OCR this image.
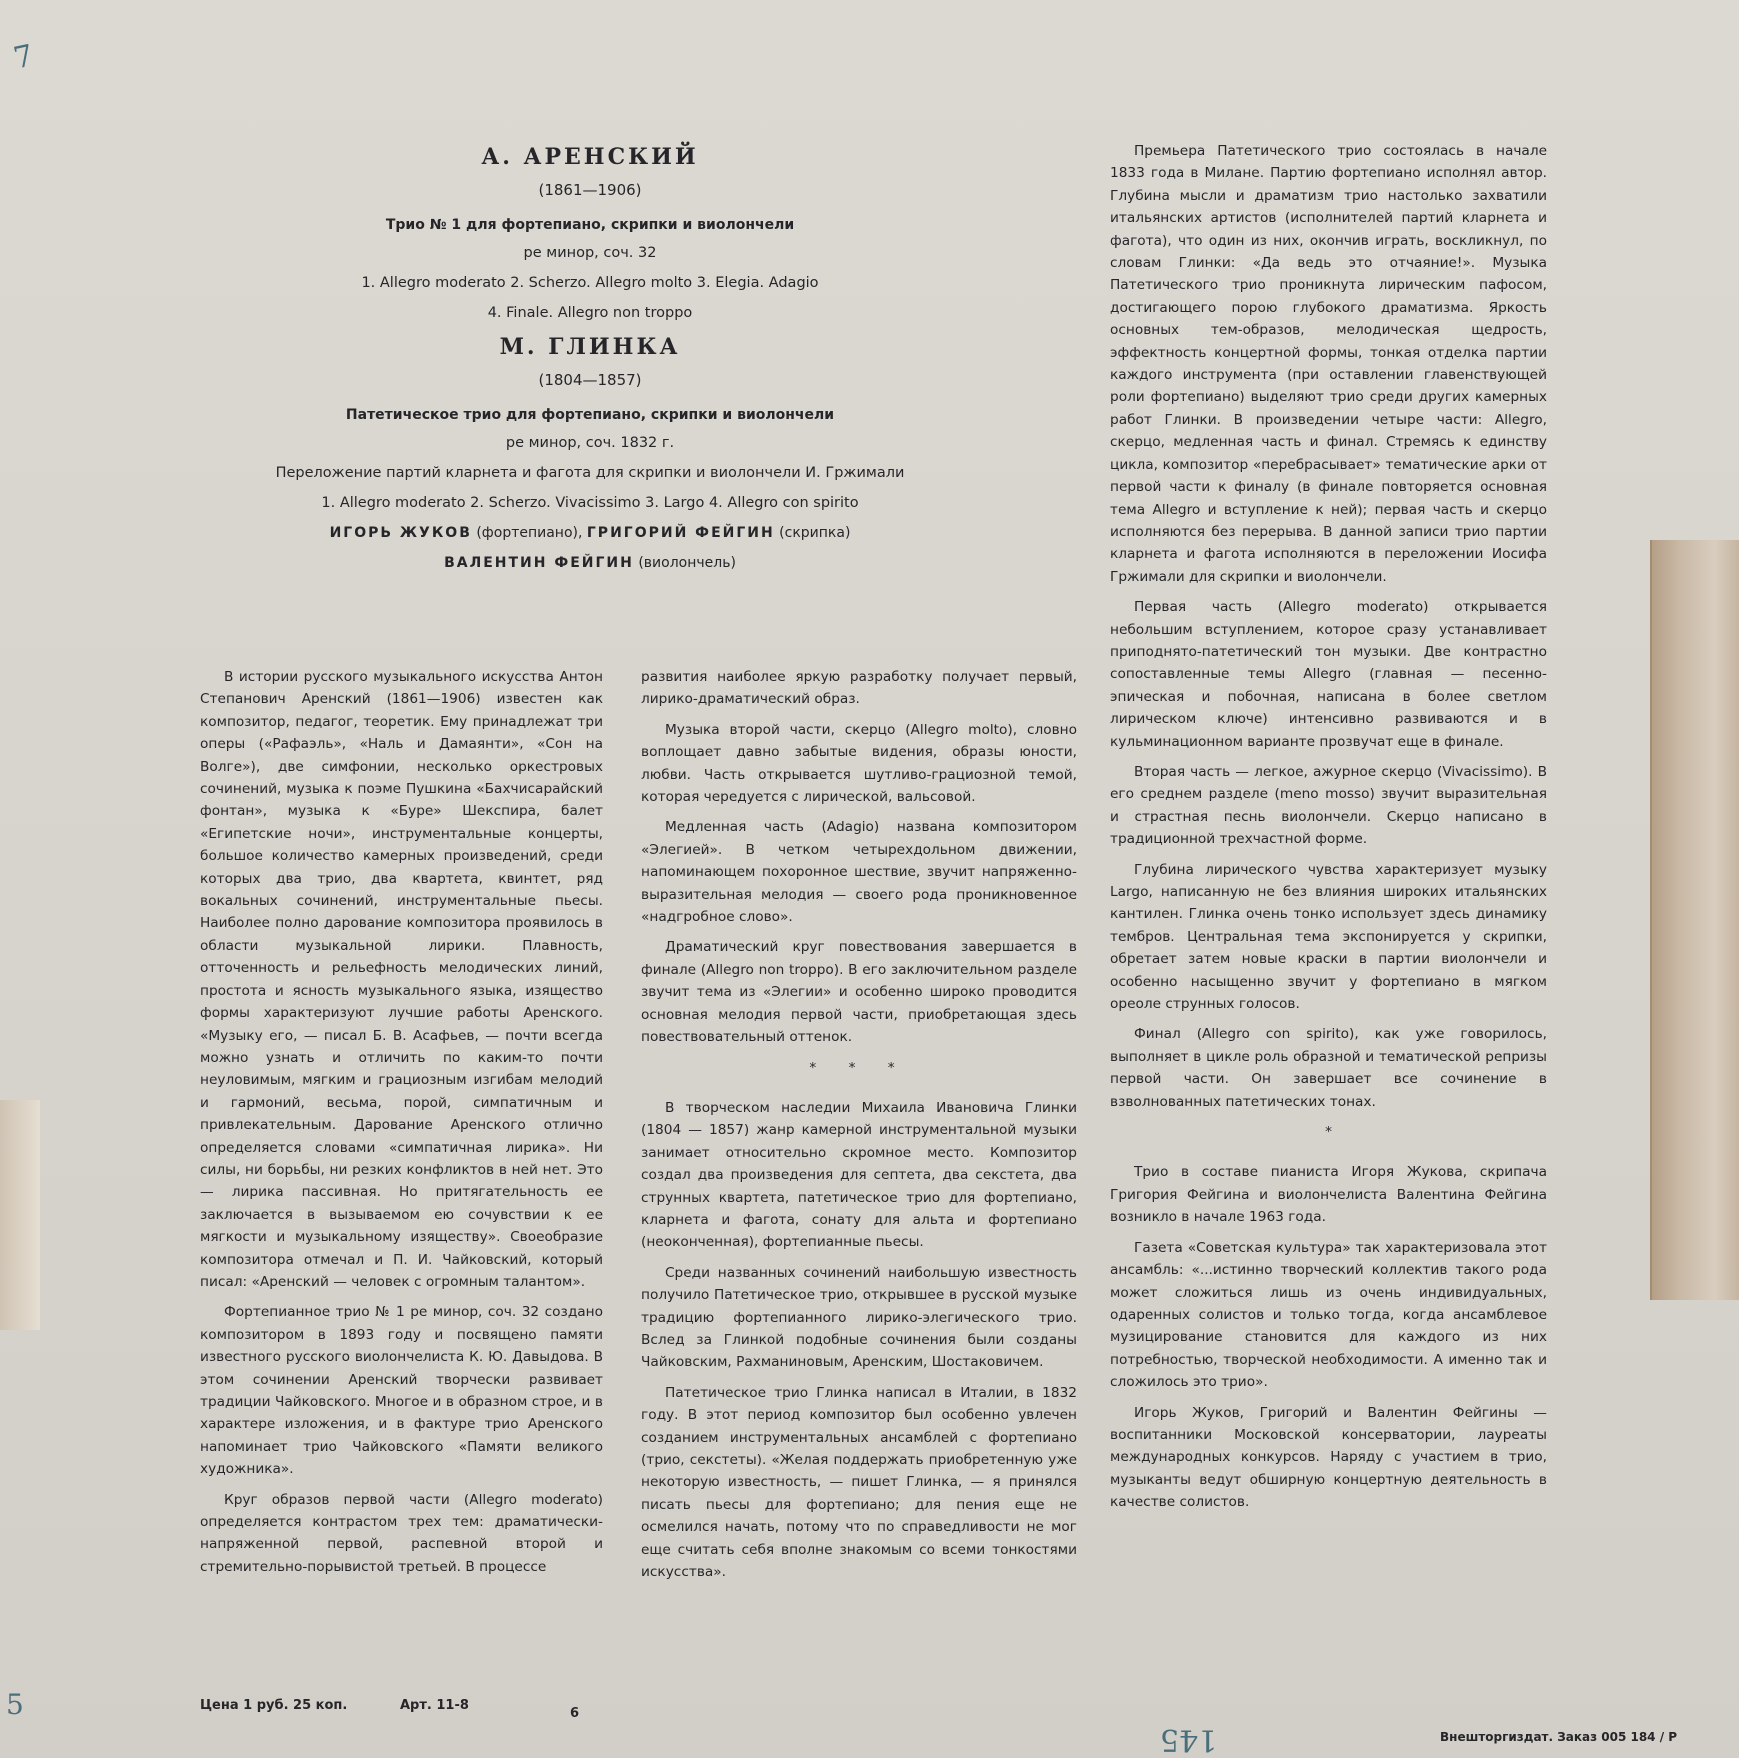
7
5
145
А. АРЕНСКИЙ
(1861—1906)
Трио № 1 для фортепиано, скрипки и виолончели
ре минор, соч. 32
1. Allegro moderato 2. Scherzo. Allegro molto 3. Elegia. Adagio
4. Finale. Allegro non troppo
М. ГЛИНКА
(1804—1857)
Патетическое трио для фортепиано, скрипки и виолончели
ре минор, соч. 1832 г.
Переложение партий кларнета и фагота для скрипки и виолончели И. Гржимали
1. Allegro moderato 2. Scherzo. Vivacissimo 3. Largo 4. Allegro con spirito
ИГОРЬ ЖУКОВ (фортепиано), ГРИГОРИЙ ФЕЙГИН (скрипка)
ВАЛЕНТИН ФЕЙГИН (виолончель)

В истории русского музыкального искусства Антон Степанович Аренский (1861—1906) известен как композитор, педагог, теоретик. Ему принадлежат три оперы («Рафаэль», «Наль и Дамаянти», «Сон на Волге»), две симфонии, несколько оркестровых сочинений, музыка к поэме Пушкина «Бахчисарайский фонтан», музыка к «Буре» Шекспира, балет «Египетские ночи», инструментальные концерты, большое количество камерных произведений, среди которых два трио, два квартета, квинтет, ряд вокальных сочинений, инструментальные пьесы. Наиболее полно дарование композитора проявилось в области музыкальной лирики. Плавность, отточенность и рельефность мелодических линий, простота и ясность музыкального языка, изящество формы характеризуют лучшие работы Аренского. «Музыку его, — писал Б. В. Асафьев, — почти всегда можно узнать и отличить по каким-то почти неуловимым, мягким и грациозным изгибам мелодий и гармоний, весьма, порой, симпатичным и привлекательным. Дарование Аренского отлично определяется словами «симпатичная лирика». Ни силы, ни борьбы, ни резких конфликтов в ней нет. Это — лирика пассивная. Но притягательность ее заключается в вызываемом ею сочувствии к ее мягкости и музыкальному изяществу». Своеобразие композитора отмечал и П. И. Чайковский, который писал: «Аренский — человек с огромным талантом».

Фортепианное трио № 1 ре минор, соч. 32 создано композитором в 1893 году и посвящено памяти известного русского виолончелиста К. Ю. Давыдова. В этом сочинении Аренский творчески развивает традиции Чайковского. Многое и в образном строе, и в характере изложения, и в фактуре трио Аренского напоминает трио Чайковского «Памяти великого художника».

Круг образов первой части (Allegro moderato) определяется контрастом трех тем: драматически-напряженной первой, распевной второй и стремительно-порывистой третьей. В процессе

развития наиболее яркую разработку получает первый, лирико-драматический образ.

Музыка второй части, скерцо (Allegro molto), словно воплощает давно забытые видения, образы юности, любви. Часть открывается шутливо-грациозной темой, которая чередуется с лирической, вальсовой.

Медленная часть (Adagio) названа композитором «Элегией». В четком четырехдольном движении, напоминающем похоронное шествие, звучит напряженно-выразительная мелодия — своего рода проникновенное «надгробное слово».

Драматический круг повествования завершается в финале (Allegro non troppo). В его заключительном разделе звучит тема из «Элегии» и особенно широко проводится основная мелодия первой части, приобретающая здесь повествовательный оттенок.

* * *

В творческом наследии Михаила Ивановича Глинки (1804 — 1857) жанр камерной инструментальной музыки занимает относительно скромное место. Композитор создал два произведения для септета, два секстета, два струнных квартета, патетическое трио для фортепиано, кларнета и фагота, сонату для альта и фортепиано (неоконченная), фортепианные пьесы.

Среди названных сочинений наибольшую известность получило Патетическое трио, открывшее в русской музыке традицию фортепианного лирико-элегического трио. Вслед за Глинкой подобные сочинения были созданы Чайковским, Рахманиновым, Аренским, Шостаковичем.

Патетическое трио Глинка написал в Италии, в 1832 году. В этот период композитор был особенно увлечен созданием инструментальных ансамблей с фортепиано (трио, секстеты). «Желая поддержать приобретенную уже некоторую известность, — пишет Глинка, — я принялся писать пьесы для фортепиано; для пения еще не осмелился начать, потому что по справедливости не мог еще считать себя вполне знакомым со всеми тонкостями искусства».

Премьера Патетического трио состоялась в начале 1833 года в Милане. Партию фортепиано исполнял автор. Глубина мысли и драматизм трио настолько захватили итальянских артистов (исполнителей партий кларнета и фагота), что один из них, окончив играть, воскликнул, по словам Глинки: «Да ведь это отчаяние!». Музыка Патетического трио проникнута лирическим пафосом, достигающего порою глубокого драматизма. Яркость основных тем-образов, мелодическая щедрость, эффектность концертной формы, тонкая отделка партии каждого инструмента (при оставлении главенствующей роли фортепиано) выделяют трио среди других камерных работ Глинки. В произведении четыре части: Allegro, скерцо, медленная часть и финал. Стремясь к единству цикла, композитор «перебрасывает» тематические арки от первой части к финалу (в финале повторяется основная тема Allegro и вступление к ней); первая часть и скерцо исполняются без перерыва. В данной записи трио партии кларнета и фагота исполняются в переложении Иосифа Гржимали для скрипки и виолончели.

Первая часть (Allegro moderato) открывается небольшим вступлением, которое сразу устанавливает приподнято-патетический тон музыки. Две контрастно сопоставленные темы Allegro (главная — песенно-эпическая и побочная, написана в более светлом лирическом ключе) интенсивно развиваются и в кульминационном варианте прозвучат еще в финале.

Вторая часть — легкое, ажурное скерцо (Vivacissimo). В его среднем разделе (meno mosso) звучит выразительная и страстная песнь виолончели. Скерцо написано в традиционной трехчастной форме.

Глубина лирического чувства характеризует музыку Largo, написанную не без влияния широких итальянских кантилен. Глинка очень тонко использует здесь динамику тембров. Центральная тема экспонируется у скрипки, обретает затем новые краски в партии виолончели и особенно насыщенно звучит у фортепиано в мягком ореоле струнных голосов.

Финал (Allegro con spirito), как уже говорилось, выполняет в цикле роль образной и тематической репризы первой части. Он завершает все сочинение в взволнованных патетических тонах.

*

Трио в составе пианиста Игоря Жукова, скрипача Григория Фейгина и виолончелиста Валентина Фейгина возникло в начале 1963 года.

Газета «Советская культура» так характеризовала этот ансамбль: «...истинно творческий коллектив такого рода может сложиться лишь из очень индивидуальных, одаренных солистов и только тогда, когда ансамблевое музицирование становится для каждого из них потребностью, творческой необходимости. А именно так и сложилось это трио».

Игорь Жуков, Григорий и Валентин Фейгины — воспитанники Московской консерватории, лауреаты международных конкурсов. Наряду с участием в трио, музыканты ведут обширную концертную деятельность в качестве солистов.

Цена 1 руб. 25 коп.	Арт. 11-8
6
Внешторгиздат. Заказ 005 184 / Р
